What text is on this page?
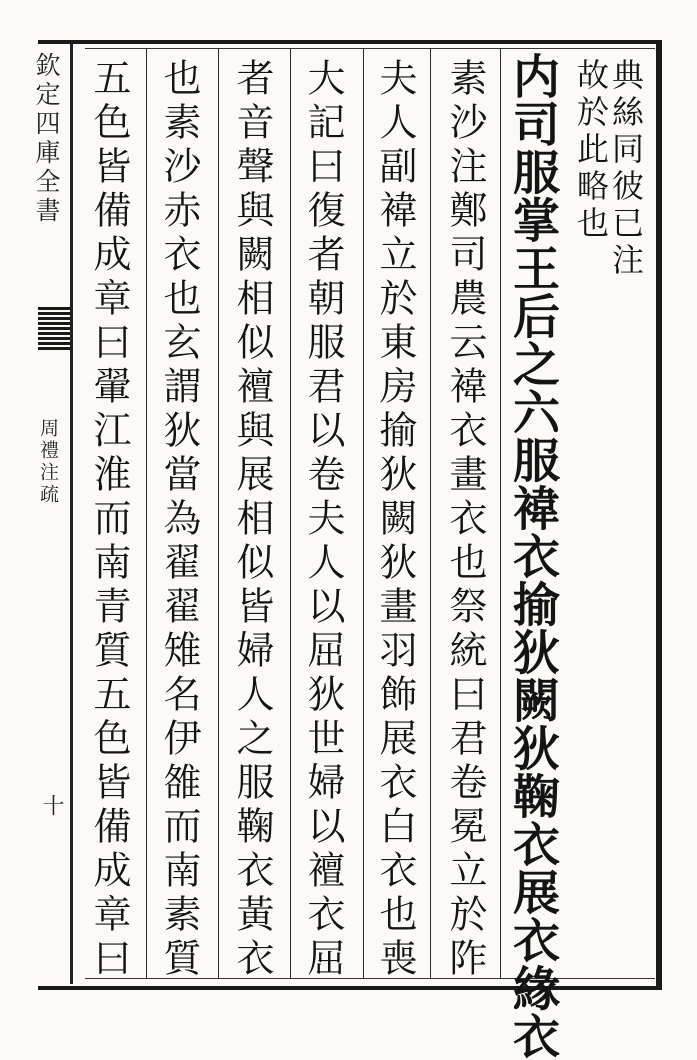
欽定四庫全書
周禮注疏
十
典絲同彼已注
故於此略也
内司服掌王后之六服褘衣揄狄闕狄鞠衣展衣緣衣
素沙注鄭司農云褘衣畫衣也祭統曰君卷冕立於阼
夫人副褘立於東房揄狄闕狄畫羽飾展衣白衣也喪
大記曰復者朝服君以卷夫人以屈狄世婦以襢衣屈
者音聲與闕相似襢與展相似皆婦人之服鞠衣黃衣
也素沙赤衣也玄謂狄當為翟翟雉名伊雒而南素質
五色皆備成章曰翬江淮而南青質五色皆備成章曰
